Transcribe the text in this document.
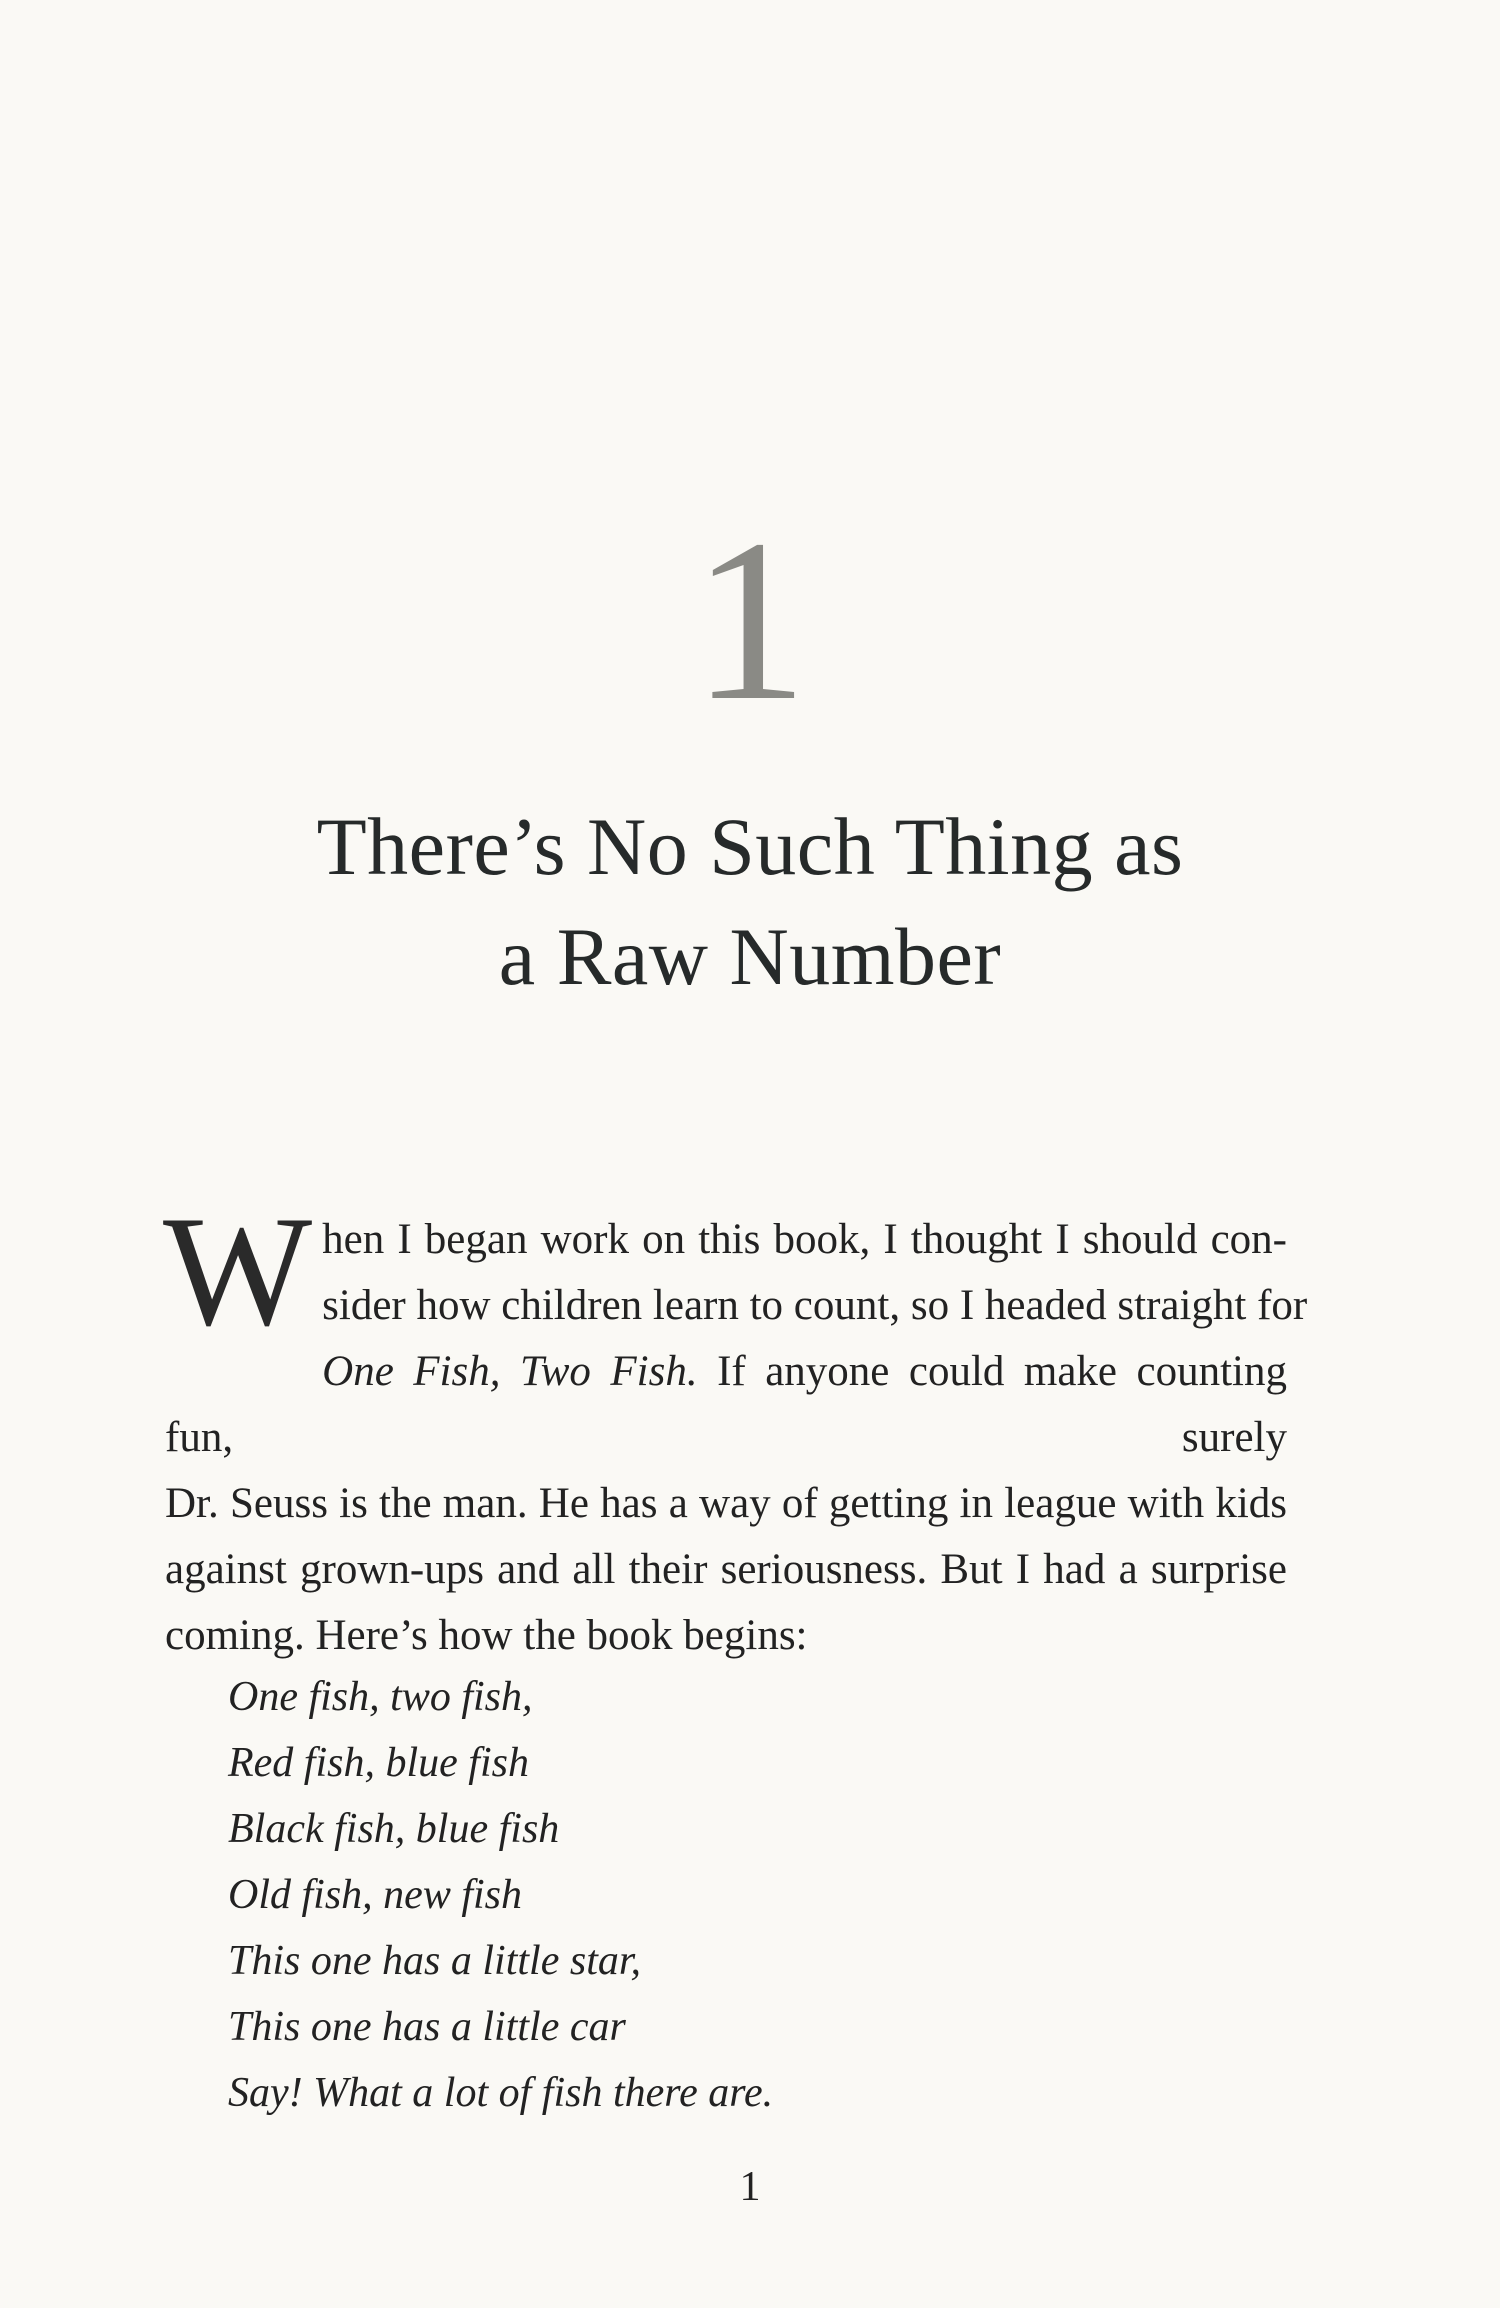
1
There’s No Such Thing as
a Raw Number
W hen I began work on this book, I thought I should con-
sider how children learn to count, so I headed straight for
One Fish, Two Fish. If anyone could make counting fun, surely
Dr. Seuss is the man. He has a way of getting in league with kids
against grown-ups and all their seriousness. But I had a surprise
coming. Here’s how the book begins:
One fish, two fish,
Red fish, blue fish
Black fish, blue fish
Old fish, new fish
This one has a little star,
This one has a little car
Say! What a lot of fish there are.
1
